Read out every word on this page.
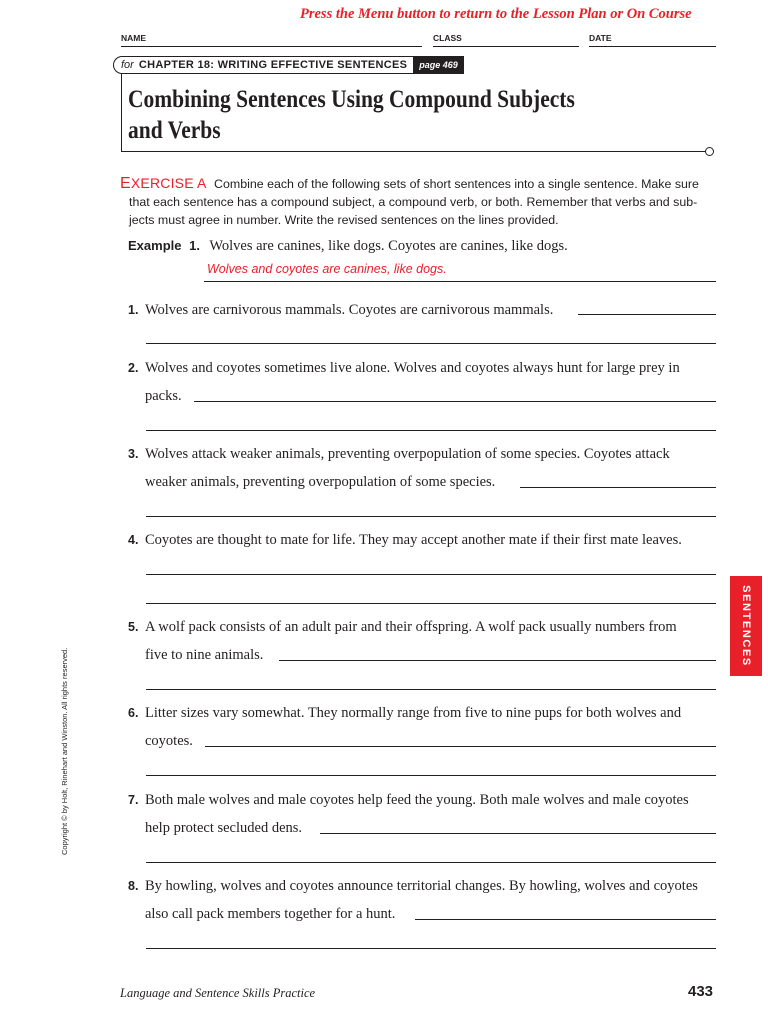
Press the Menu button to return to the Lesson Plan or On Course
NAME	CLASS	DATE
for CHAPTER 18: WRITING EFFECTIVE SENTENCES	page 469
Combining Sentences Using Compound Subjects
and Verbs

EXERCISE A Combine each of the following sets of short sentences into a single sentence. Make sure

that each sentence has a compound subject, a compound verb, or both. Remember that verbs and sub-

jects must agree in number. Write the revised sentences on the lines provided.

Example 1. Wolves are canines, like dogs. Coyotes are canines, like dogs.
Wolves and coyotes are canines, like dogs.
1. Wolves are carnivorous mammals. Coyotes are carnivorous mammals.
2. Wolves and coyotes sometimes live alone. Wolves and coyotes always hunt for large prey in
packs.
3. Wolves attack weaker animals, preventing overpopulation of some species. Coyotes attack
weaker animals, preventing overpopulation of some species.
4. Coyotes are thought to mate for life. They may accept another mate if their first mate leaves.
5. A wolf pack consists of an adult pair and their offspring. A wolf pack usually numbers from
five to nine animals.
6. Litter sizes vary somewhat. They normally range from five to nine pups for both wolves and
coyotes.
7. Both male wolves and male coyotes help feed the young. Both male wolves and male coyotes
help protect secluded dens.
8. By howling, wolves and coyotes announce territorial changes. By howling, wolves and coyotes
also call pack members together for a hunt.
SENTENCES
Copyright © by Holt, Rinehart and Winston. All rights reserved.
Language and Sentence Skills Practice	433
